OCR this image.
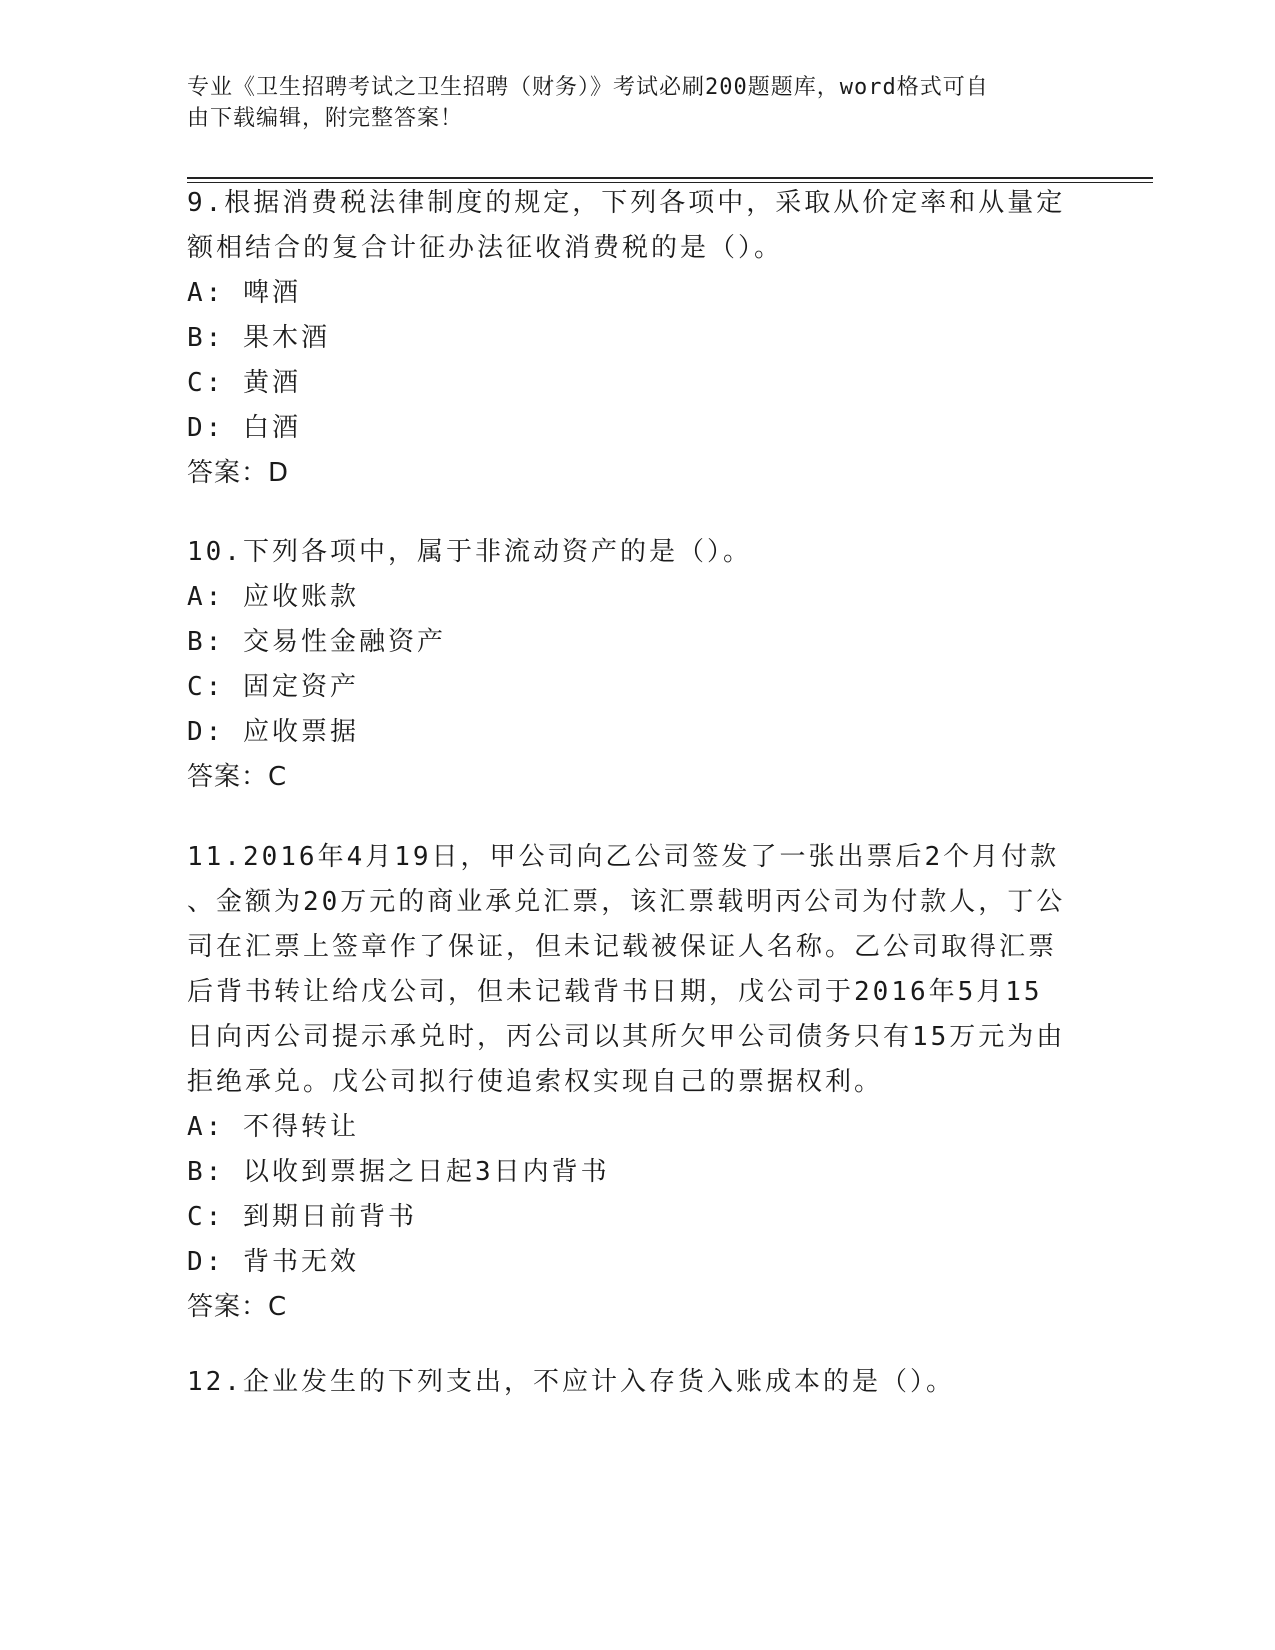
专业《卫生招聘考试之卫生招聘（财务）》考试必刷200题题库，word格式可自
由下载编辑，附完整答案！
9.根据消费税法律制度的规定，下列各项中，采取从价定率和从量定
额相结合的复合计征办法征收消费税的是（）。
A: 啤酒
B: 果木酒
C: 黄酒
D: 白酒
答案：D
10.下列各项中，属于非流动资产的是（）。
A: 应收账款
B: 交易性金融资产
C: 固定资产
D: 应收票据
答案：C
11.2016年4月19日，甲公司向乙公司签发了一张出票后2个月付款
、金额为20万元的商业承兑汇票，该汇票载明丙公司为付款人，丁公
司在汇票上签章作了保证，但未记载被保证人名称。乙公司取得汇票
后背书转让给戊公司，但未记载背书日期，戊公司于2016年5月15
日向丙公司提示承兑时，丙公司以其所欠甲公司债务只有15万元为由
拒绝承兑。戊公司拟行使追索权实现自己的票据权利。
A: 不得转让
B: 以收到票据之日起3日内背书
C: 到期日前背书
D: 背书无效
答案：C
12.企业发生的下列支出，不应计入存货入账成本的是（）。
